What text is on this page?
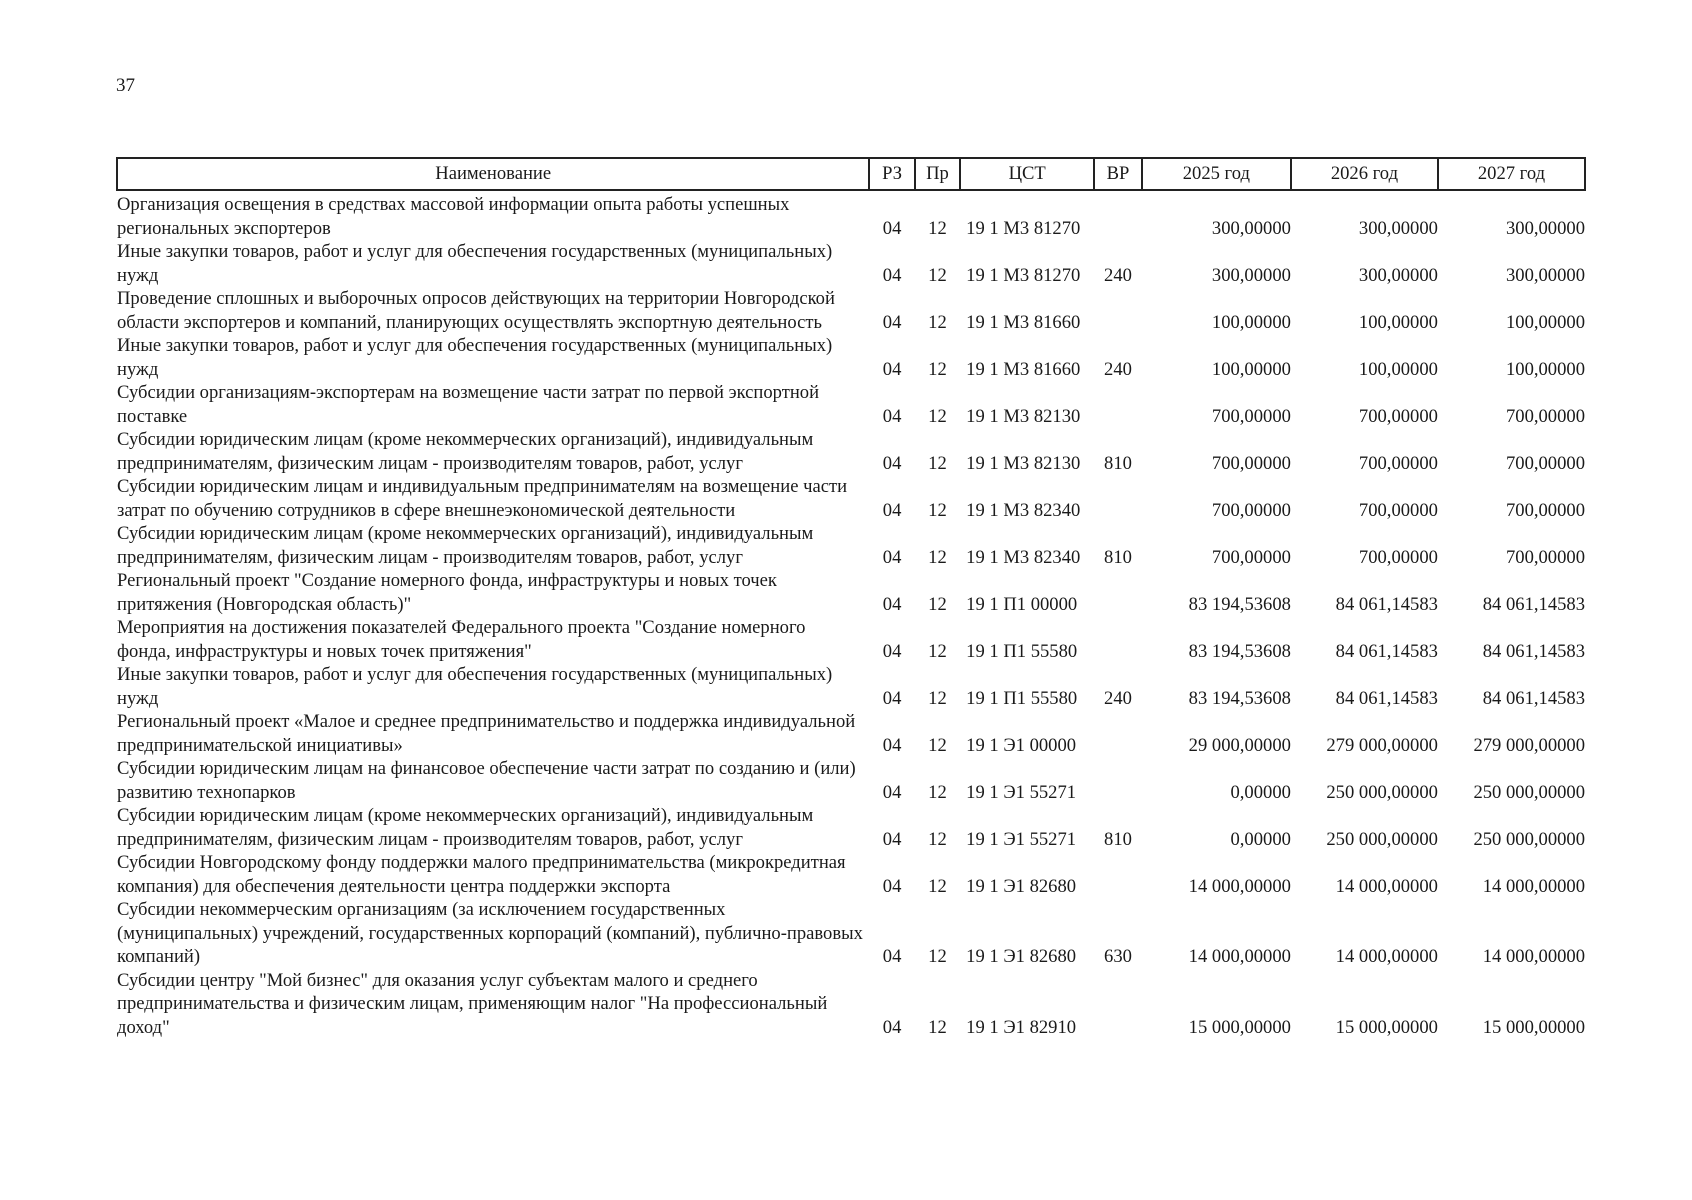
37
Наименование	РЗ	Пр	ЦСТ	ВР	2025 год	2026 год	2027 год
Организация освещения в средствах массовой информации опыта работы успешных региональных экспортеров	04	12	19 1 М3 81270		300,00000	300,00000	300,00000
Иные закупки товаров, работ и услуг для обеспечения государственных (муниципальных) нужд	04	12	19 1 М3 81270	240	300,00000	300,00000	300,00000
Проведение сплошных и выборочных опросов действующих на территории Новгородской области экспортеров и компаний, планирующих осуществлять экспортную деятельность	04	12	19 1 М3 81660		100,00000	100,00000	100,00000
Иные закупки товаров, работ и услуг для обеспечения государственных (муниципальных) нужд	04	12	19 1 М3 81660	240	100,00000	100,00000	100,00000
Субсидии организациям-экспортерам на возмещение части затрат по первой экспортной поставке	04	12	19 1 М3 82130		700,00000	700,00000	700,00000
Субсидии юридическим лицам (кроме некоммерческих организаций), индивидуальным предпринимателям, физическим лицам - производителям товаров, работ, услуг	04	12	19 1 М3 82130	810	700,00000	700,00000	700,00000
Субсидии юридическим лицам и индивидуальным предпринимателям на возмещение части затрат по обучению сотрудников в сфере внешнеэкономической деятельности	04	12	19 1 М3 82340		700,00000	700,00000	700,00000
Субсидии юридическим лицам (кроме некоммерческих организаций), индивидуальным предпринимателям, физическим лицам - производителям товаров, работ, услуг	04	12	19 1 М3 82340	810	700,00000	700,00000	700,00000
Региональный проект "Создание номерного фонда, инфраструктуры и новых точек притяжения (Новгородская область)"	04	12	19 1 П1 00000		83 194,53608	84 061,14583	84 061,14583
Мероприятия на достижения показателей Федерального проекта "Создание номерного фонда, инфраструктуры и новых точек притяжения"	04	12	19 1 П1 55580		83 194,53608	84 061,14583	84 061,14583
Иные закупки товаров, работ и услуг для обеспечения государственных (муниципальных) нужд	04	12	19 1 П1 55580	240	83 194,53608	84 061,14583	84 061,14583
Региональный проект «Малое и среднее предпринимательство и поддержка индивидуальной предпринимательской инициативы»	04	12	19 1 Э1 00000		29 000,00000	279 000,00000	279 000,00000
Субсидии юридическим лицам на финансовое обеспечение части затрат по созданию и (или) развитию технопарков	04	12	19 1 Э1 55271		0,00000	250 000,00000	250 000,00000
Субсидии юридическим лицам (кроме некоммерческих организаций), индивидуальным предпринимателям, физическим лицам - производителям товаров, работ, услуг	04	12	19 1 Э1 55271	810	0,00000	250 000,00000	250 000,00000
Субсидии Новгородскому фонду поддержки малого предпринимательства (микрокредитная компания) для обеспечения деятельности центра поддержки экспорта	04	12	19 1 Э1 82680		14 000,00000	14 000,00000	14 000,00000
Субсидии некоммерческим организациям (за исключением государственных (муниципальных) учреждений, государственных корпораций (компаний), публично-правовых компаний)	04	12	19 1 Э1 82680	630	14 000,00000	14 000,00000	14 000,00000
Субсидии центру "Мой бизнес" для оказания услуг субъектам малого и среднего предпринимательства и физическим лицам, применяющим налог "На профессиональный доход"	04	12	19 1 Э1 82910		15 000,00000	15 000,00000	15 000,00000
